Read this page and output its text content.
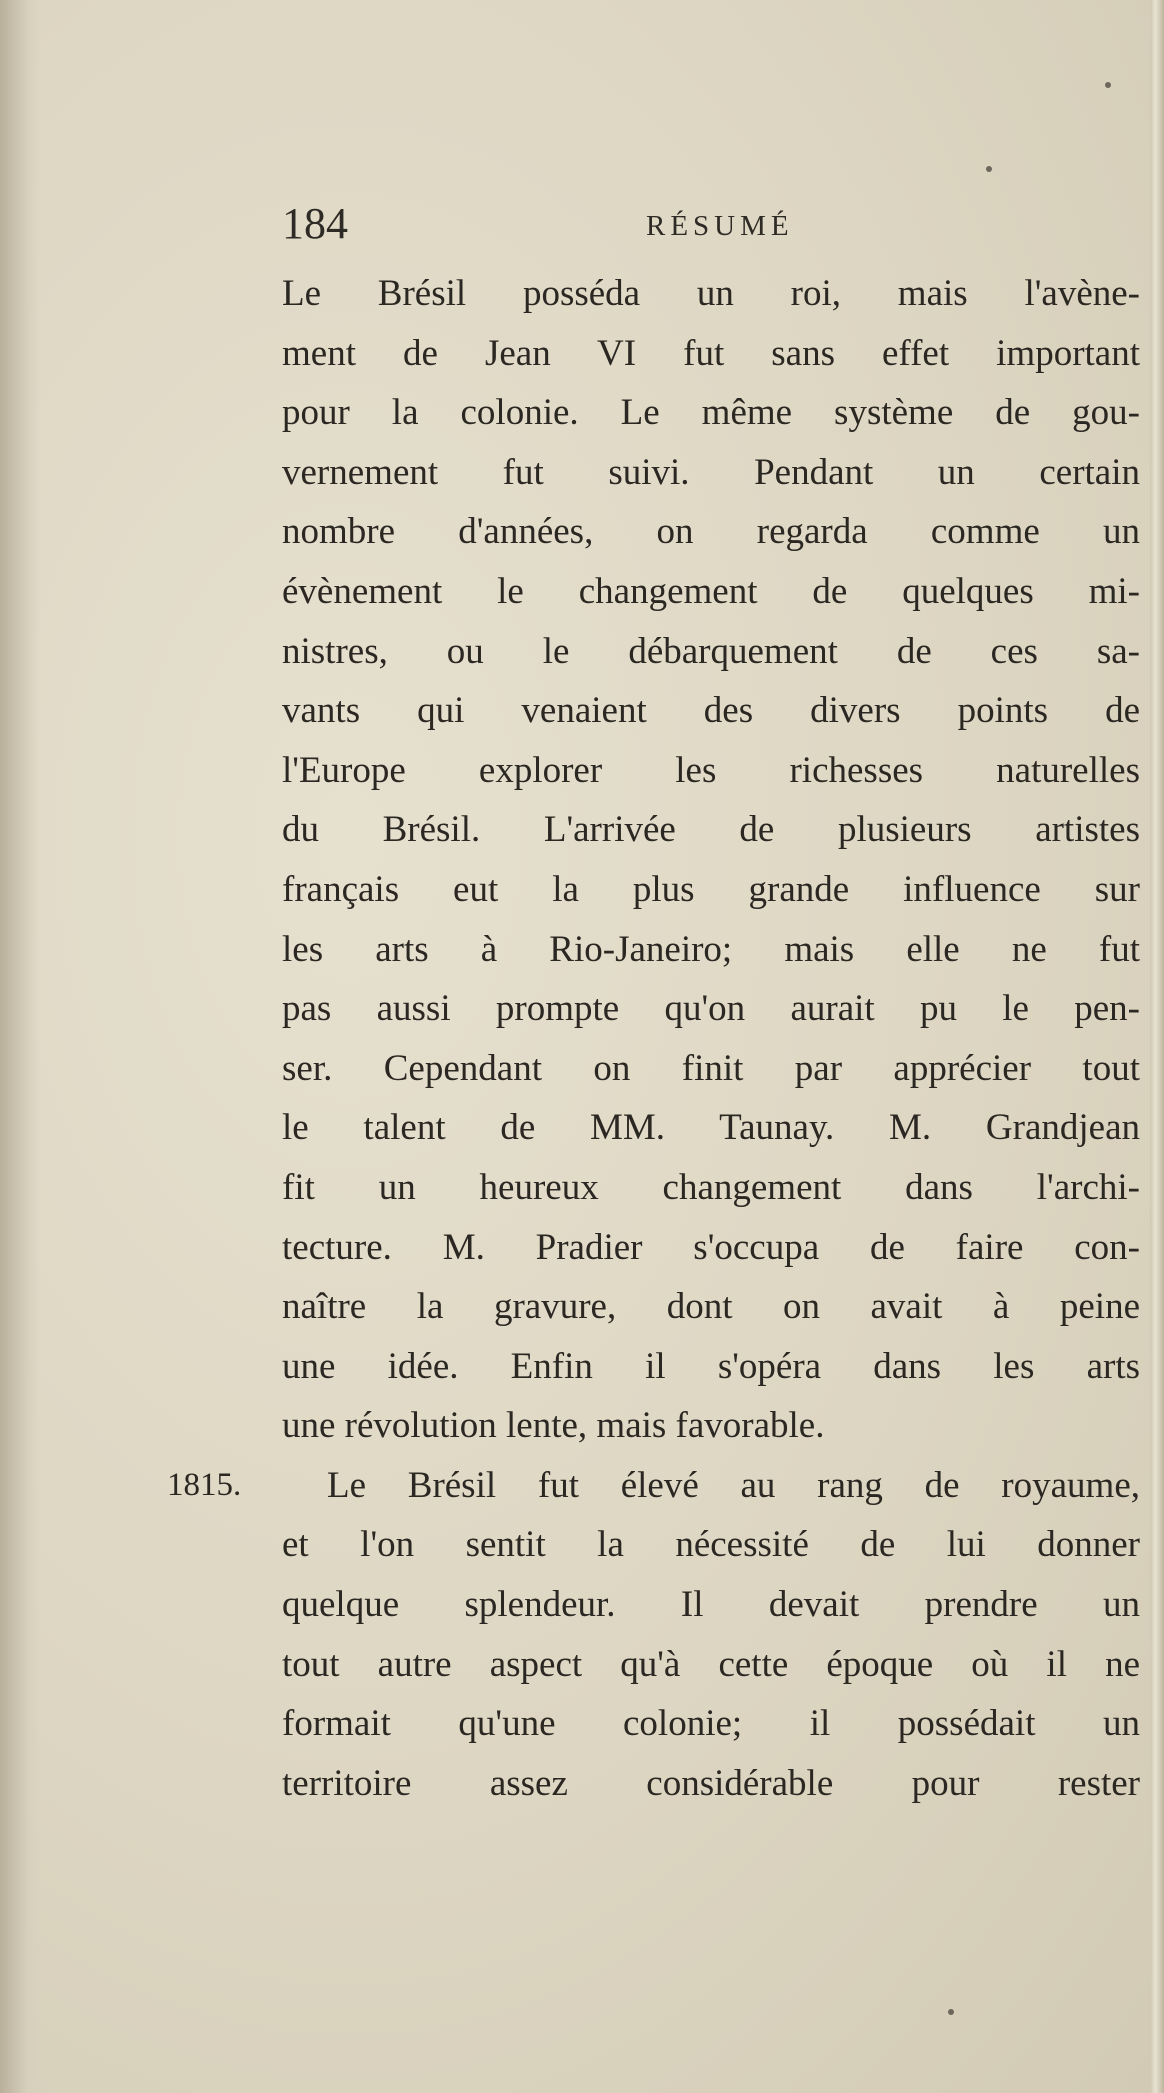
184	RÉSUMÉ
Le Brésil posséda un roi, mais l'avène-
ment de Jean VI fut sans effet important
pour la colonie. Le même système de gou-
vernement fut suivi. Pendant un certain
nombre d'années, on regarda comme un
évènement le changement de quelques mi-
nistres, ou le débarquement de ces sa-
vants qui venaient des divers points de
l'Europe explorer les richesses naturelles
du Brésil. L'arrivée de plusieurs artistes
français eut la plus grande influence sur
les arts à Rio-Janeiro; mais elle ne fut
pas aussi prompte qu'on aurait pu le pen-
ser. Cependant on finit par apprécier tout
le talent de MM. Taunay. M. Grandjean
fit un heureux changement dans l'archi-
tecture. M. Pradier s'occupa de faire con-
naître la gravure, dont on avait à peine
une idée. Enfin il s'opéra dans les arts
une révolution lente, mais favorable.
1815. Le Brésil fut élevé au rang de royaume,
et l'on sentit la nécessité de lui donner
quelque splendeur. Il devait prendre un
tout autre aspect qu'à cette époque où il ne
formait qu'une colonie; il possédait un
territoire assez considérable pour rester
